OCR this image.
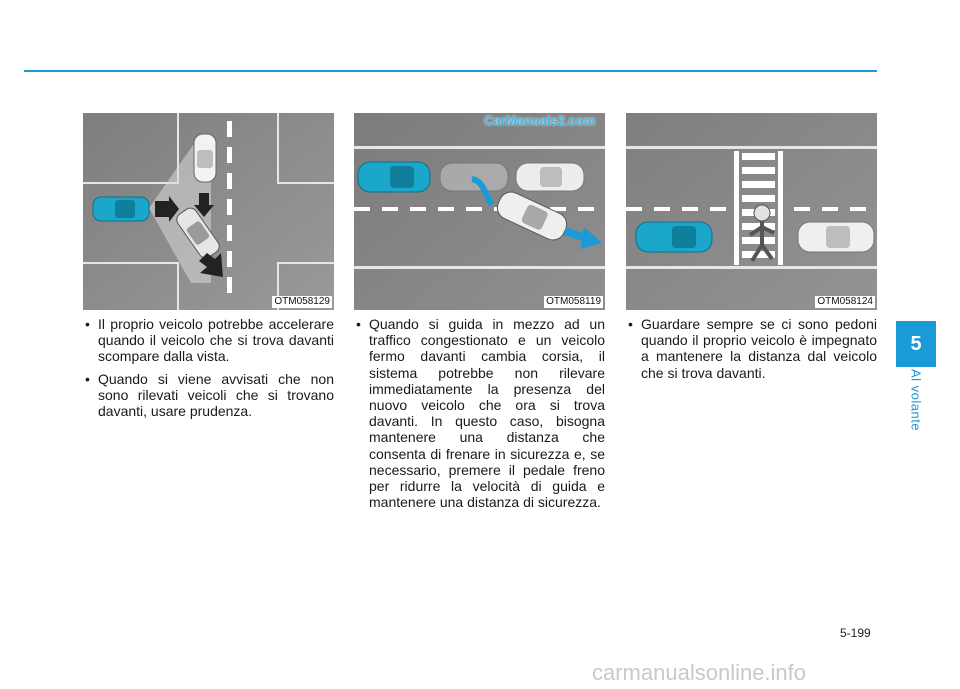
OTM058129	OTM058119	OTM058124
• Il proprio veicolo potrebbe accelerare quando il veicolo che si trova davanti scompare dalla vista.
• Quando si viene avvisati che non sono rilevati veicoli che si trovano davanti, usare prudenza.
• Quando si guida in mezzo ad un traffico congestionato e un veicolo fermo davanti cambia corsia, il sistema potrebbe non rilevare immediatamente la presenza del nuovo veicolo che ora si trova davanti. In questo caso, bisogna mantenere una distanza che consenta di frenare in sicurezza e, se necessario, premere il pedale freno per ridurre la velocità di guida e mantenere una distanza di sicurezza.
• Guardare sempre se ci sono pedoni quando il proprio veicolo è impegnato a mantenere la distanza dal veicolo che si trova davanti.
5
Al volante
5-199
CarManuals2.com
carmanualsonline.info
